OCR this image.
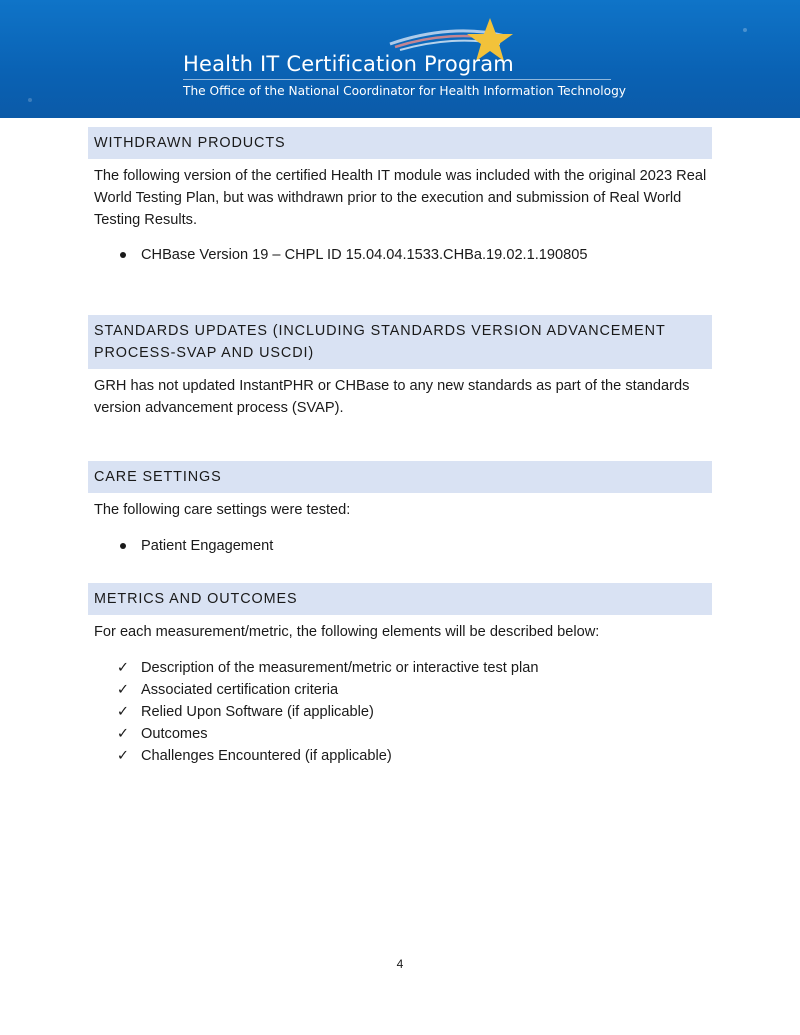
Health IT Certification Program
The Office of the National Coordinator for Health Information Technology
WITHDRAWN PRODUCTS

The following version of the certified Health IT module was included with the original 2023 Real World Testing Plan, but was withdrawn prior to the execution and submission of Real World Testing Results.

CHBase Version 19 – CHPL ID 15.04.04.1533.CHBa.19.02.1.190805
STANDARDS UPDATES (INCLUDING STANDARDS VERSION ADVANCEMENT PROCESS-SVAP AND USCDI)

GRH has not updated InstantPHR or CHBase to any new standards as part of the standards version advancement process (SVAP).

CARE SETTINGS

The following care settings were tested:

Patient Engagement
METRICS AND OUTCOMES

For each measurement/metric, the following elements will be described below:

✓ Description of the measurement/metric or interactive test plan
✓ Associated certification criteria
✓ Relied Upon Software (if applicable)
✓ Outcomes
✓ Challenges Encountered (if applicable)
4
